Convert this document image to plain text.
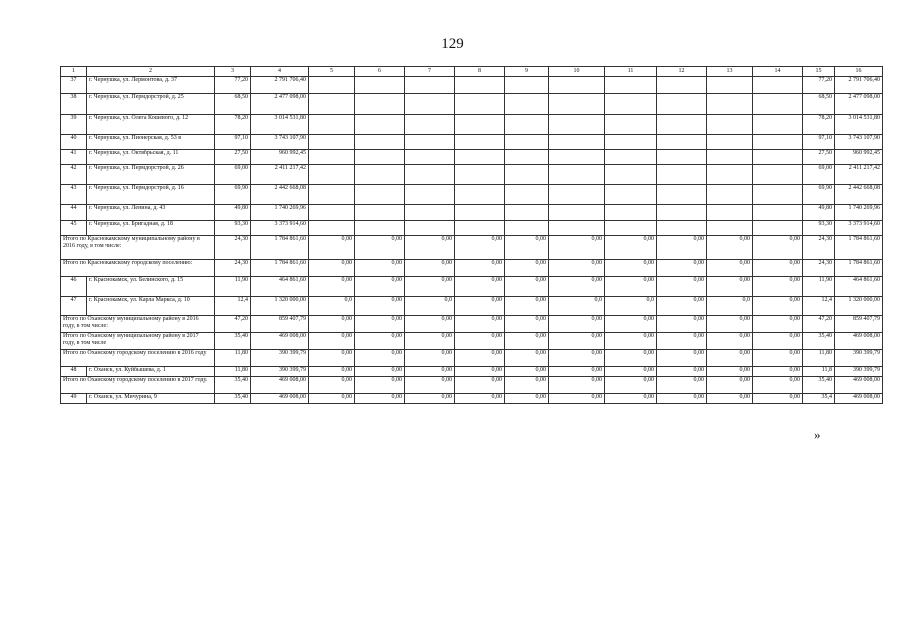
129
1	2	3	4	5	6	7	8	9	10	11	12	13	14	15	16
37	г. Чернушка, ул. Лермонтова, д. 37	77,20	2 791 706,40											77,20	2 791 706,40
38	г. Чернушка, ул. Пермдорстрой, д. 25	68,50	2 477 098,00											68,50	2 477 098,00
39	г. Чернушка, ул. Олега Кошевого, д. 12	78,20	3 014 531,80											78,20	3 014 531,80
40	г. Чернушка, ул. Пионерская, д. 53 в	97,10	3 743 107,90											97,10	3 743 107,90
41	г. Чернушка, ул. Октябрьская, д. 11	27,50	960 992,45											27,50	960 992,45
42	г. Чернушка, ул. Пермдорстрой, д. 26	69,00	2 411 217,42											69,00	2 411 217,42
43	г. Чернушка, ул. Пермдорстрой, д. 16	69,90	2 442 668,08											69,90	2 442 668,08
44	г. Чернушка, ул. Ленина, д. 43	49,80	1 740 269,96											49,80	1 740 269,96
45	г. Чернушка, ул. Бригадная, д. 18	93,30	3 373 914,60											93,30	3 373 914,60
Итого по Краснокамскому муниципальному району в 2016 году, в том числе:		24,30	1 784 861,60	0,00	0,00	0,00	0,00	0,00	0,00	0,00	0,00	0,00	0,00	24,30	1 784 861,60
Итого по Краснокамскому городскому поселению:		24,30	1 784 861,60	0,00	0,00	0,00	0,00	0,00	0,00	0,00	0,00	0,00	0,00	24,30	1 784 861,60
46	г. Краснокамск, ул. Белинского, д. 15	11,90	464 861,60	0,00	0,00	0,00	0,00	0,00	0,00	0,00	0,00	0,00	0,00	11,90	464 861,60
47	г. Краснокамск, ул. Карла Маркса, д. 10	12,4	1 320 000,00	0,0	0,00	0,0	0,00	0,00	0,0	0,0	0,00	0,0	0,00	12,4	1 320 000,00
Итого по Оханскому муниципальному району в 2016 году, в том числе:		47,20	859 407,79	0,00	0,00	0,00	0,00	0,00	0,00	0,00	0,00	0,00	0,00	47,20	859 407,79
Итого по Оханскому муниципальному району в 2017 году, в том числе		35,40	469 008,00	0,00	0,00	0,00	0,00	0,00	0,00	0,00	0,00	0,00	0,00	35,40	469 008,00
Итого по Оханскому городскому поселению в 2016 году		11,80	390 399,79	0,00	0,00	0,00	0,00	0,00	0,00	0,00	0,00	0,00	0,00	11,80	390 399,79
48	г. Оханск, ул. Куйбышева, д. 1	11,80	390 399,79	0,00	0,00	0,00	0,00	0,00	0,00	0,00	0,00	0,00	0,00	11,8	390 399,79
Итого по Оханскому городскому поселению в 2017 году.		35,40	469 008,00	0,00	0,00	0,00	0,00	0,00	0,00	0,00	0,00	0,00	0,00	35,40	469 008,00
49	г. Оханск, ул. Мичурина, 9	35,40	469 008,00	0,00	0,00	0,00	0,00	0,00	0,00	0,00	0,00	0,00	0,00	35,4	469 008,00
»
